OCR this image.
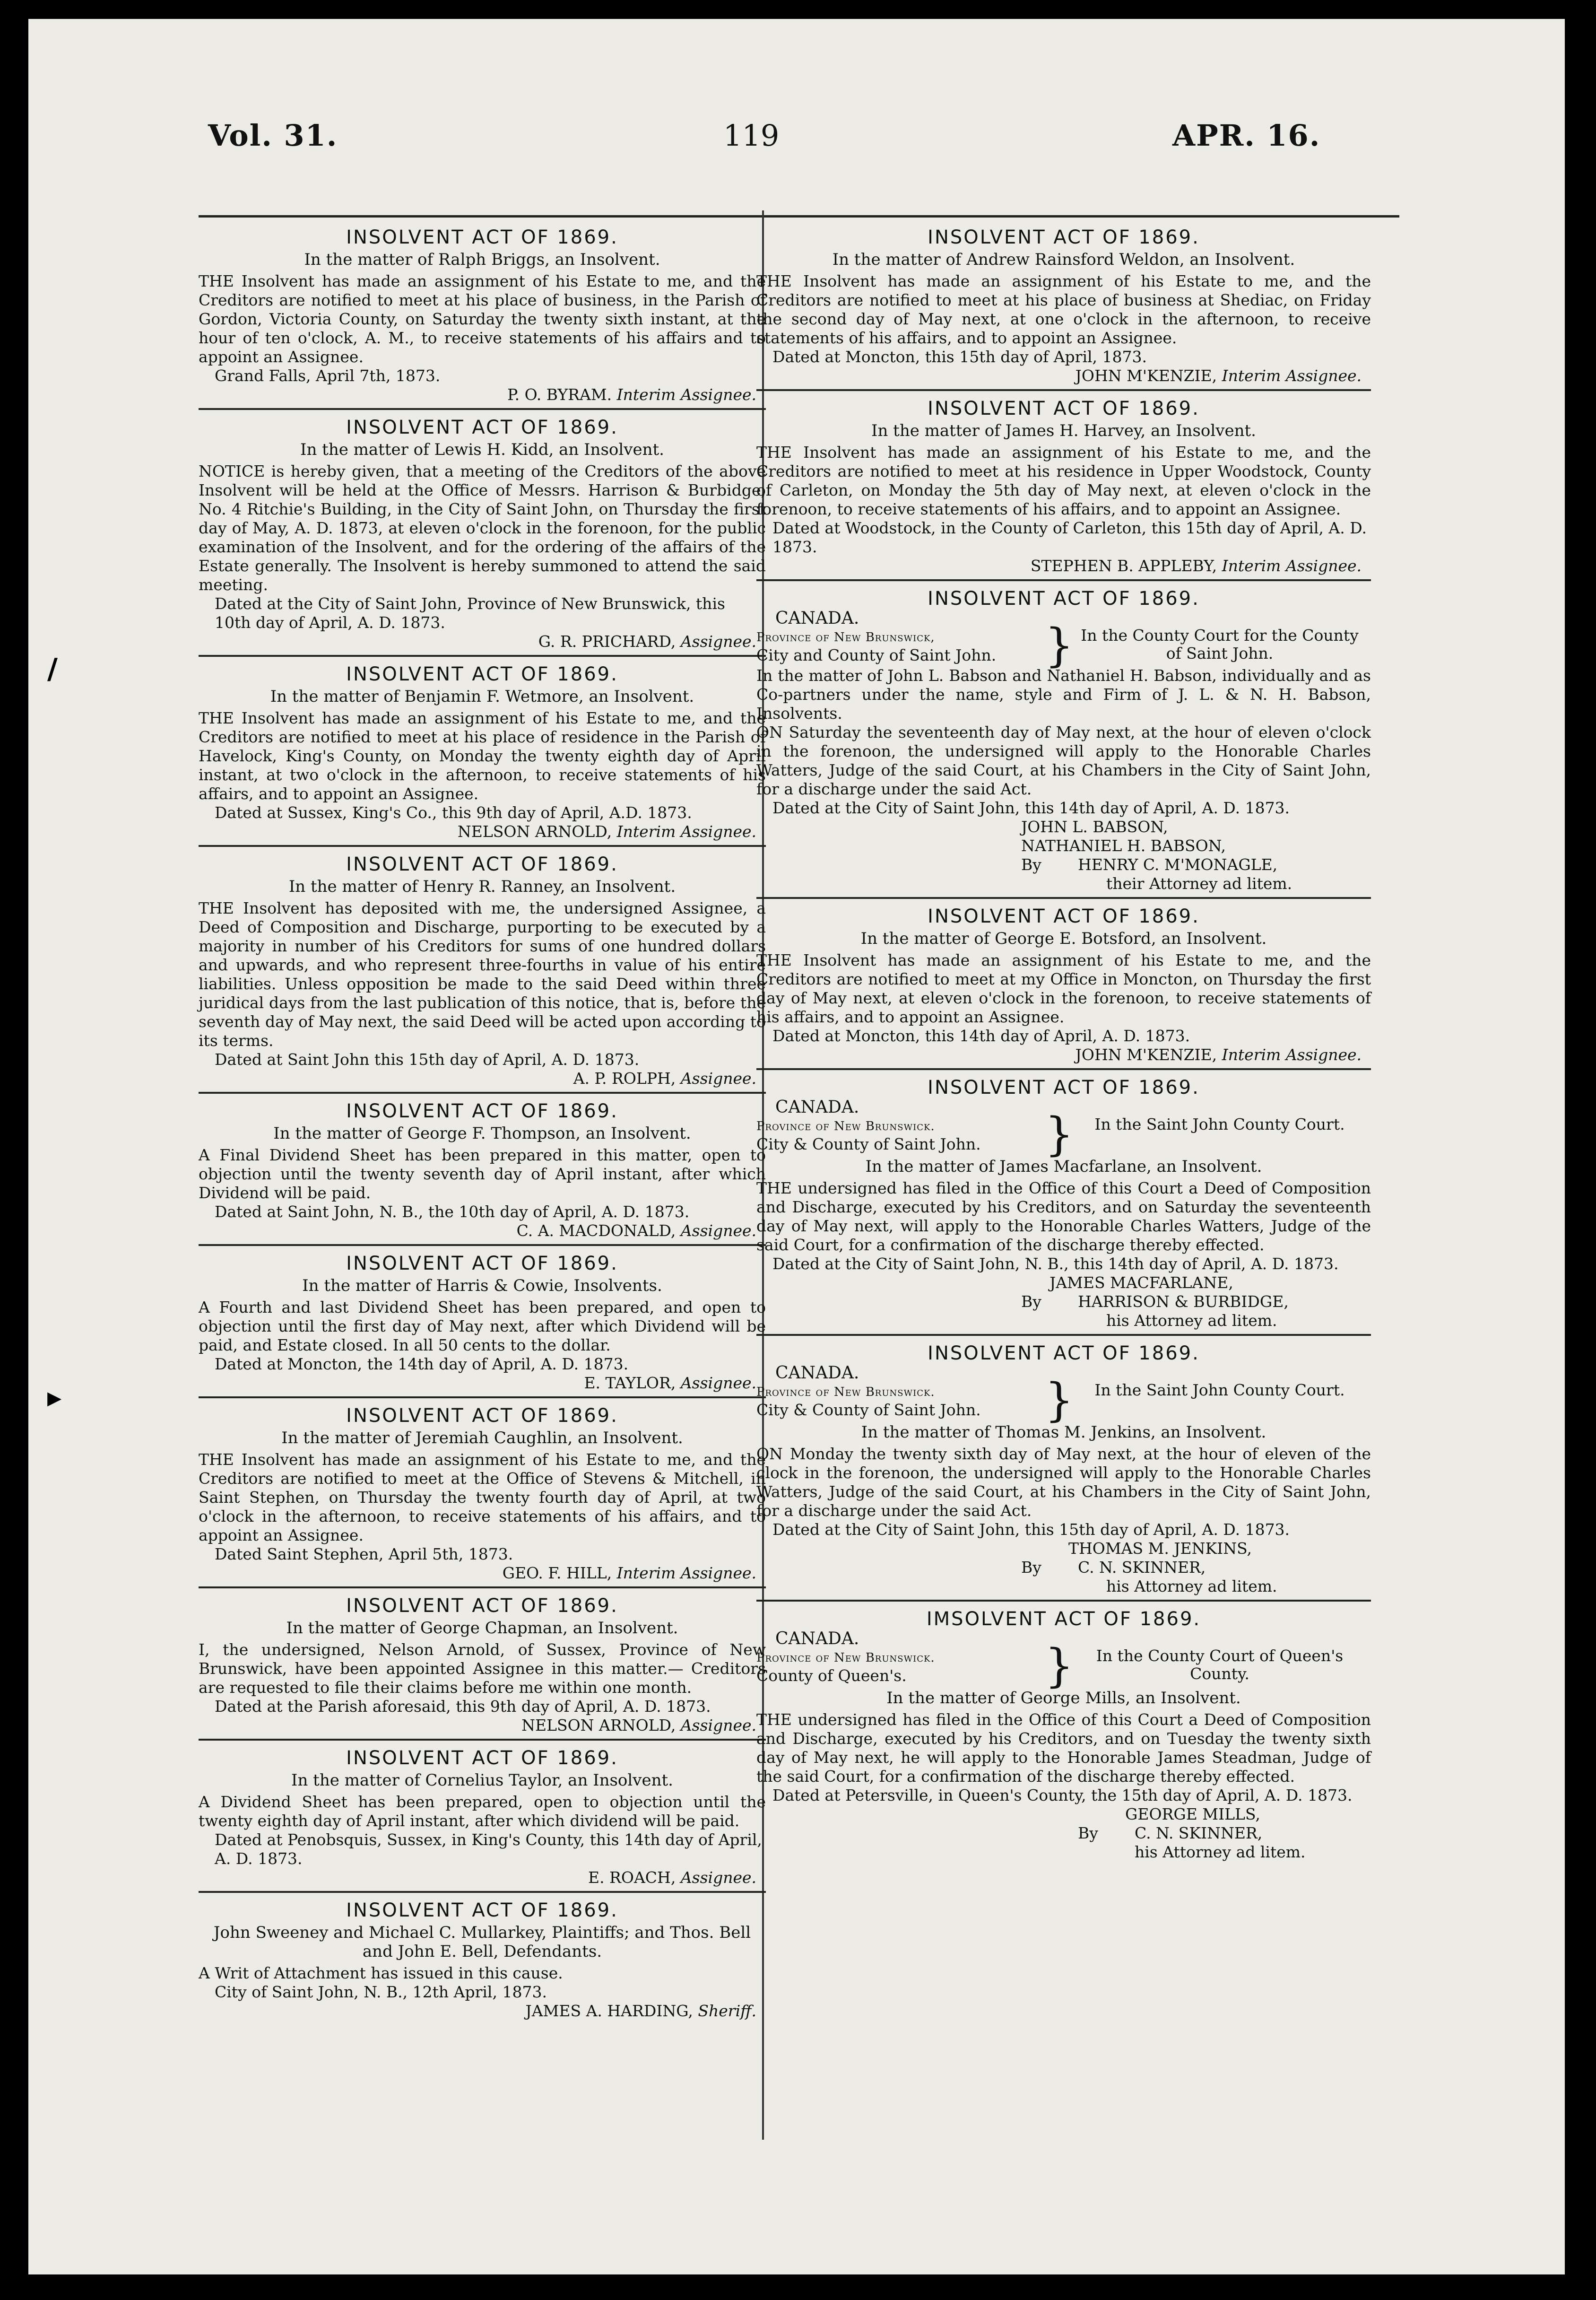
Vol. 31.	119	APR. 16.
/
▸
INSOLVENT ACT OF 1869.
In the matter of Ralph Briggs, an Insolvent.

THE Insolvent has made an assignment of his Estate to me, and the Creditors are notified to meet at his place of business, in the Parish of Gordon, Victoria County, on Saturday the twenty sixth instant, at the hour of ten o'clock, A. M., to receive statements of his affairs and to appoint an Assignee.

Grand Falls, April 7th, 1873.

P. O. BYRAM. Interim Assignee.
INSOLVENT ACT OF 1869.
In the matter of Lewis H. Kidd, an Insolvent.

NOTICE is hereby given, that a meeting of the Creditors of the above Insolvent will be held at the Office of Messrs. Harrison & Burbidge, No. 4 Ritchie's Building, in the City of Saint John, on Thursday the first day of May, A. D. 1873, at eleven o'clock in the forenoon, for the public examination of the Insolvent, and for the ordering of the affairs of the Estate generally. The Insolvent is hereby summoned to attend the said meeting.

Dated at the City of Saint John, Province of New Brunswick, this 10th day of April, A. D. 1873.

G. R. PRICHARD, Assignee.
INSOLVENT ACT OF 1869.
In the matter of Benjamin F. Wetmore, an Insolvent.

THE Insolvent has made an assignment of his Estate to me, and the Creditors are notified to meet at his place of residence in the Parish of Havelock, King's County, on Monday the twenty eighth day of April instant, at two o'clock in the afternoon, to receive statements of his affairs, and to appoint an Assignee.

Dated at Sussex, King's Co., this 9th day of April, A.D. 1873.

NELSON ARNOLD, Interim Assignee.
INSOLVENT ACT OF 1869.
In the matter of Henry R. Ranney, an Insolvent.

THE Insolvent has deposited with me, the undersigned Assignee, a Deed of Composition and Discharge, purporting to be executed by a majority in number of his Creditors for sums of one hundred dollars and upwards, and who represent three-fourths in value of his entire liabilities. Unless opposition be made to the said Deed within three juridical days from the last publication of this notice, that is, before the seventh day of May next, the said Deed will be acted upon according to its terms.

Dated at Saint John this 15th day of April, A. D. 1873.

A. P. ROLPH, Assignee.
INSOLVENT ACT OF 1869.
In the matter of George F. Thompson, an Insolvent.

A Final Dividend Sheet has been prepared in this matter, open to objection until the twenty seventh day of April instant, after which Dividend will be paid.

Dated at Saint John, N. B., the 10th day of April, A. D. 1873.

C. A. MACDONALD, Assignee.
INSOLVENT ACT OF 1869.
In the matter of Harris & Cowie, Insolvents.

A Fourth and last Dividend Sheet has been prepared, and open to objection until the first day of May next, after which Dividend will be paid, and Estate closed. In all 50 cents to the dollar.

Dated at Moncton, the 14th day of April, A. D. 1873.

E. TAYLOR, Assignee.
INSOLVENT ACT OF 1869.
In the matter of Jeremiah Caughlin, an Insolvent.

THE Insolvent has made an assignment of his Estate to me, and the Creditors are notified to meet at the Office of Stevens & Mitchell, in Saint Stephen, on Thursday the twenty fourth day of April, at two o'clock in the afternoon, to receive statements of his affairs, and to appoint an Assignee.

Dated Saint Stephen, April 5th, 1873.

GEO. F. HILL, Interim Assignee.
INSOLVENT ACT OF 1869.
In the matter of George Chapman, an Insolvent.

I, the undersigned, Nelson Arnold, of Sussex, Province of New Brunswick, have been appointed Assignee in this matter.— Creditors are requested to file their claims before me within one month.

Dated at the Parish aforesaid, this 9th day of April, A. D. 1873.

NELSON ARNOLD, Assignee.
INSOLVENT ACT OF 1869.
In the matter of Cornelius Taylor, an Insolvent.

A Dividend Sheet has been prepared, open to objection until the twenty eighth day of April instant, after which dividend will be paid.

Dated at Penobsquis, Sussex, in King's County, this 14th day of April, A. D. 1873.

E. ROACH, Assignee.
INSOLVENT ACT OF 1869.
John Sweeney and Michael C. Mullarkey, Plaintiffs; and Thos. Bell and John E. Bell, Defendants.

A Writ of Attachment has issued in this cause.

City of Saint John, N. B., 12th April, 1873.

JAMES A. HARDING, Sheriff.
INSOLVENT ACT OF 1869.
In the matter of Andrew Rainsford Weldon, an Insolvent.

THE Insolvent has made an assignment of his Estate to me, and the Creditors are notified to meet at his place of business at Shediac, on Friday the second day of May next, at one o'clock in the afternoon, to receive statements of his affairs, and to appoint an Assignee.

Dated at Moncton, this 15th day of April, 1873.

JOHN M'KENZIE, Interim Assignee.
INSOLVENT ACT OF 1869.
In the matter of James H. Harvey, an Insolvent.

THE Insolvent has made an assignment of his Estate to me, and the Creditors are notified to meet at his residence in Upper Woodstock, County of Carleton, on Monday the 5th day of May next, at eleven o'clock in the forenoon, to receive statements of his affairs, and to appoint an Assignee.

Dated at Woodstock, in the County of Carleton, this 15th day of April, A. D. 1873.

STEPHEN B. APPLEBY, Interim Assignee.
INSOLVENT ACT OF 1869.
CANADA.
Province of New Brunswick,
City and County of Saint John. } In the County Court for the County of Saint John.

In the matter of John L. Babson and Nathaniel H. Babson, individually and as Co-partners under the name, style and Firm of J. L. & N. H. Babson, Insolvents.

ON Saturday the seventeenth day of May next, at the hour of eleven o'clock in the forenoon, the undersigned will apply to the Honorable Charles Watters, Judge of the said Court, at his Chambers in the City of Saint John, for a discharge under the said Act.

Dated at the City of Saint John, this 14th day of April, A. D. 1873.

JOHN L. BABSON,
NATHANIEL H. BABSON,
By HENRY C. M'MONAGLE,
their Attorney ad litem.
INSOLVENT ACT OF 1869.
In the matter of George E. Botsford, an Insolvent.

THE Insolvent has made an assignment of his Estate to me, and the Creditors are notified to meet at my Office in Moncton, on Thursday the first day of May next, at eleven o'clock in the forenoon, to receive statements of his affairs, and to appoint an Assignee.

Dated at Moncton, this 14th day of April, A. D. 1873.

JOHN M'KENZIE, Interim Assignee.
INSOLVENT ACT OF 1869.
CANADA.
Province of New Brunswick.
City & County of Saint John. }	In the Saint John County Court.
In the matter of James Macfarlane, an Insolvent.

THE undersigned has filed in the Office of this Court a Deed of Composition and Discharge, executed by his Creditors, and on Saturday the seventeenth day of May next, will apply to the Honorable Charles Watters, Judge of the said Court, for a confirmation of the discharge thereby effected.

Dated at the City of Saint John, N. B., this 14th day of April, A. D. 1873.

JAMES MACFARLANE,
By HARRISON & BURBIDGE,
his Attorney ad litem.
INSOLVENT ACT OF 1869.
CANADA.
Province of New Brunswick.
City & County of Saint John. }	In the Saint John County Court.
In the matter of Thomas M. Jenkins, an Insolvent.

ON Monday the twenty sixth day of May next, at the hour of eleven of the clock in the forenoon, the undersigned will apply to the Honorable Charles Watters, Judge of the said Court, at his Chambers in the City of Saint John, for a discharge under the said Act.

Dated at the City of Saint John, this 15th day of April, A. D. 1873.

THOMAS M. JENKINS,
By C. N. SKINNER,
his Attorney ad litem.
IMSOLVENT ACT OF 1869.
CANADA.
Province of New Brunswick.
County of Queen's.	}	In the County Court of Queen's County.
In the matter of George Mills, an Insolvent.

THE undersigned has filed in the Office of this Court a Deed of Composition and Discharge, executed by his Creditors, and on Tuesday the twenty sixth day of May next, he will apply to the Honorable James Steadman, Judge of the said Court, for a confirmation of the discharge thereby effected.

Dated at Petersville, in Queen's County, the 15th day of April, A. D. 1873.

GEORGE MILLS,
By C. N. SKINNER,
his Attorney ad litem.
